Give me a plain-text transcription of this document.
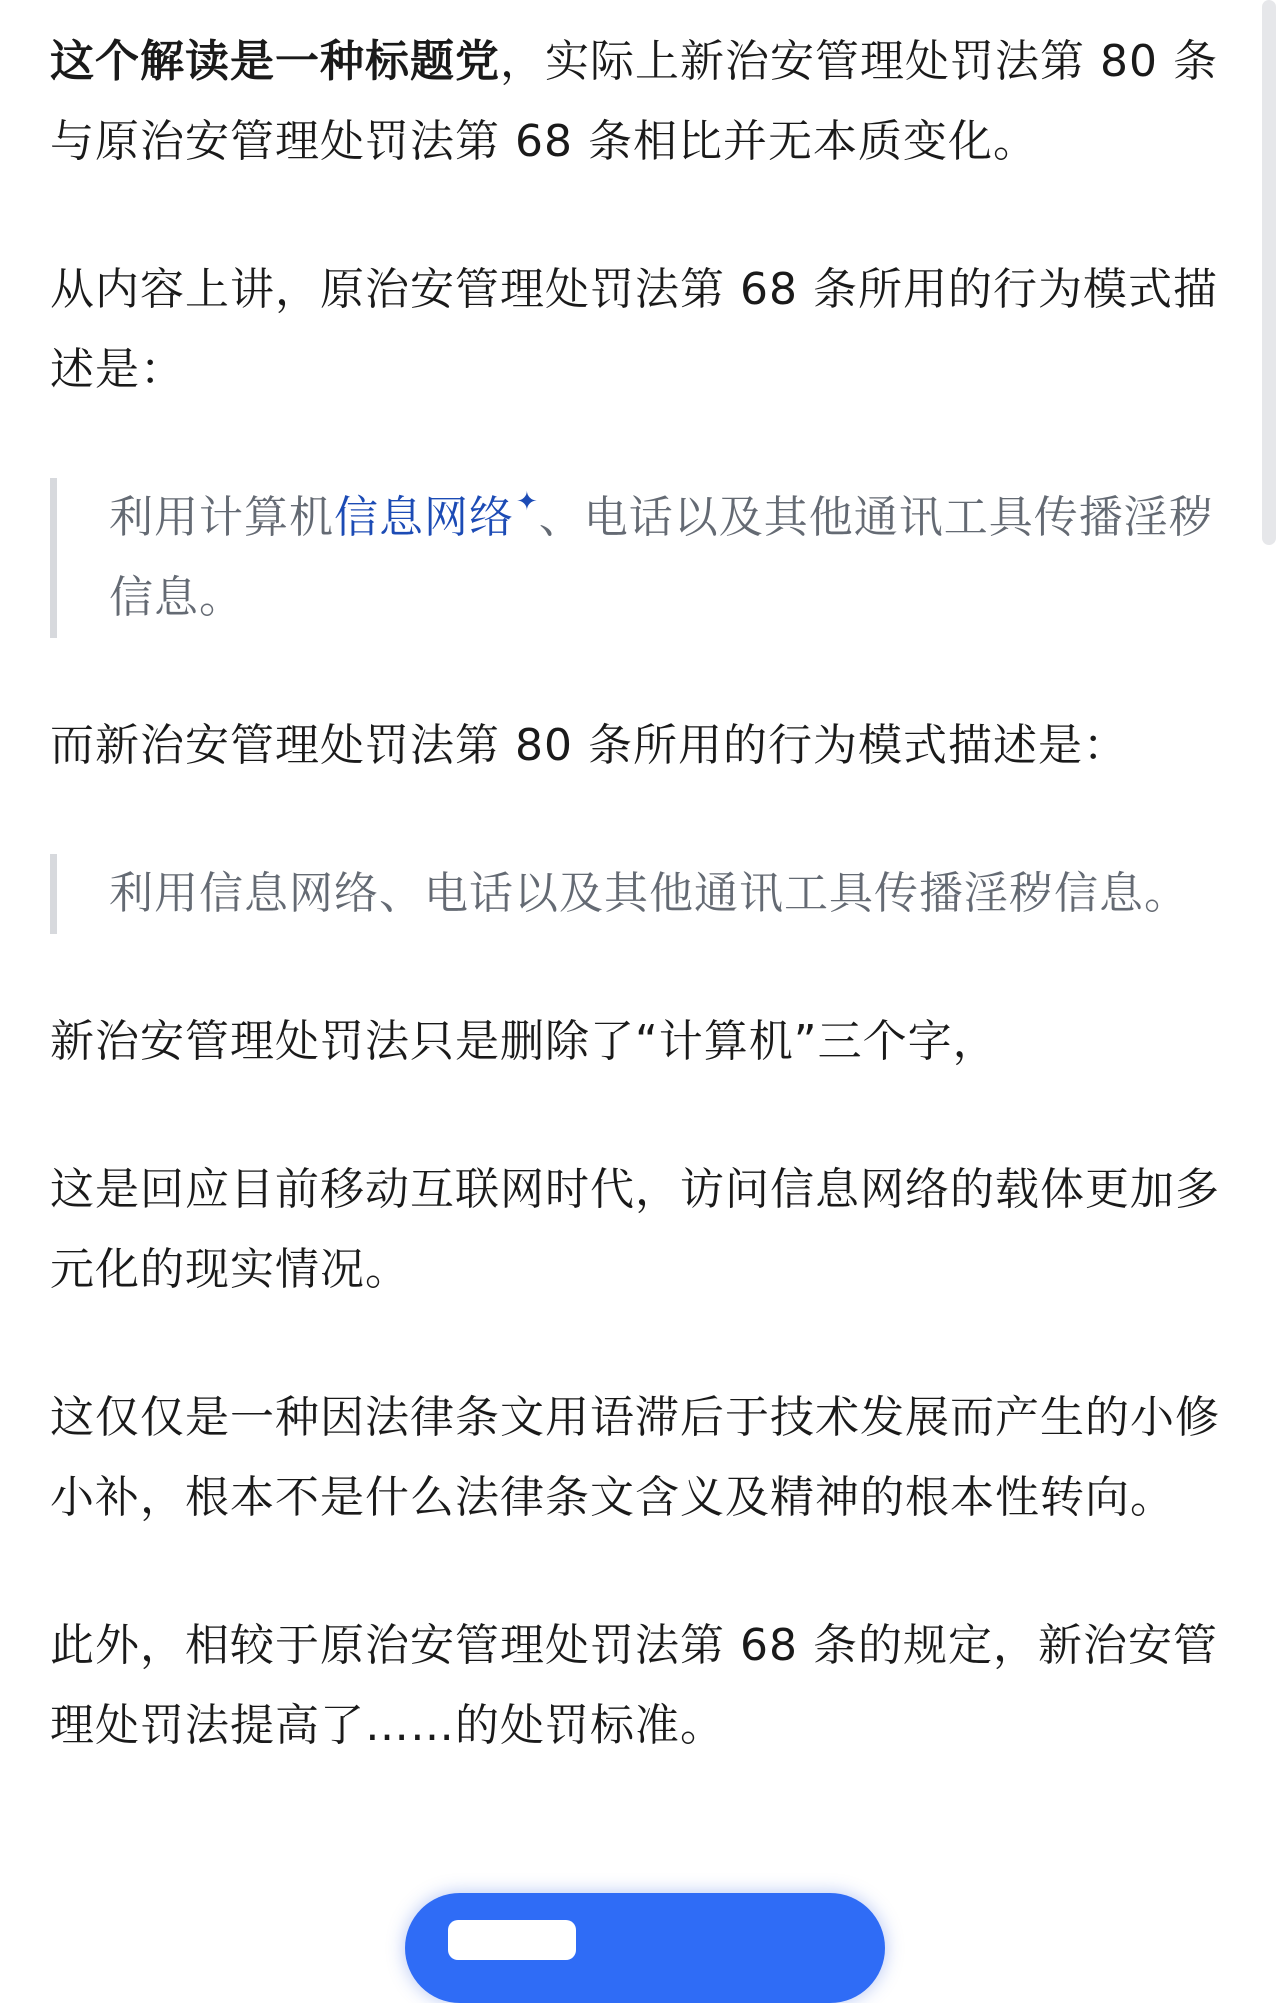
这个解读是一种标题党，实际上新治安管理处罚法第 80 条与原治安管理处罚法第 68 条相比并无本质变化。

从内容上讲，原治安管理处罚法第 68 条所用的行为模式描述是：

利用计算机信息网络✦、电话以及其他通讯工具传播淫秽信息。

而新治安管理处罚法第 80 条所用的行为模式描述是：

利用信息网络、电话以及其他通讯工具传播淫秽信息。

新治安管理处罚法只是删除了“计算机”三个字，

这是回应目前移动互联网时代，访问信息网络的载体更加多元化的现实情况。

这仅仅是一种因法律条文用语滞后于技术发展而产生的小修小补，根本不是什么法律条文含义及精神的根本性转向。

此外，相较于原治安管理处罚法第 68 条的规定，新治安管理处罚法提高了……的处罚标准。
